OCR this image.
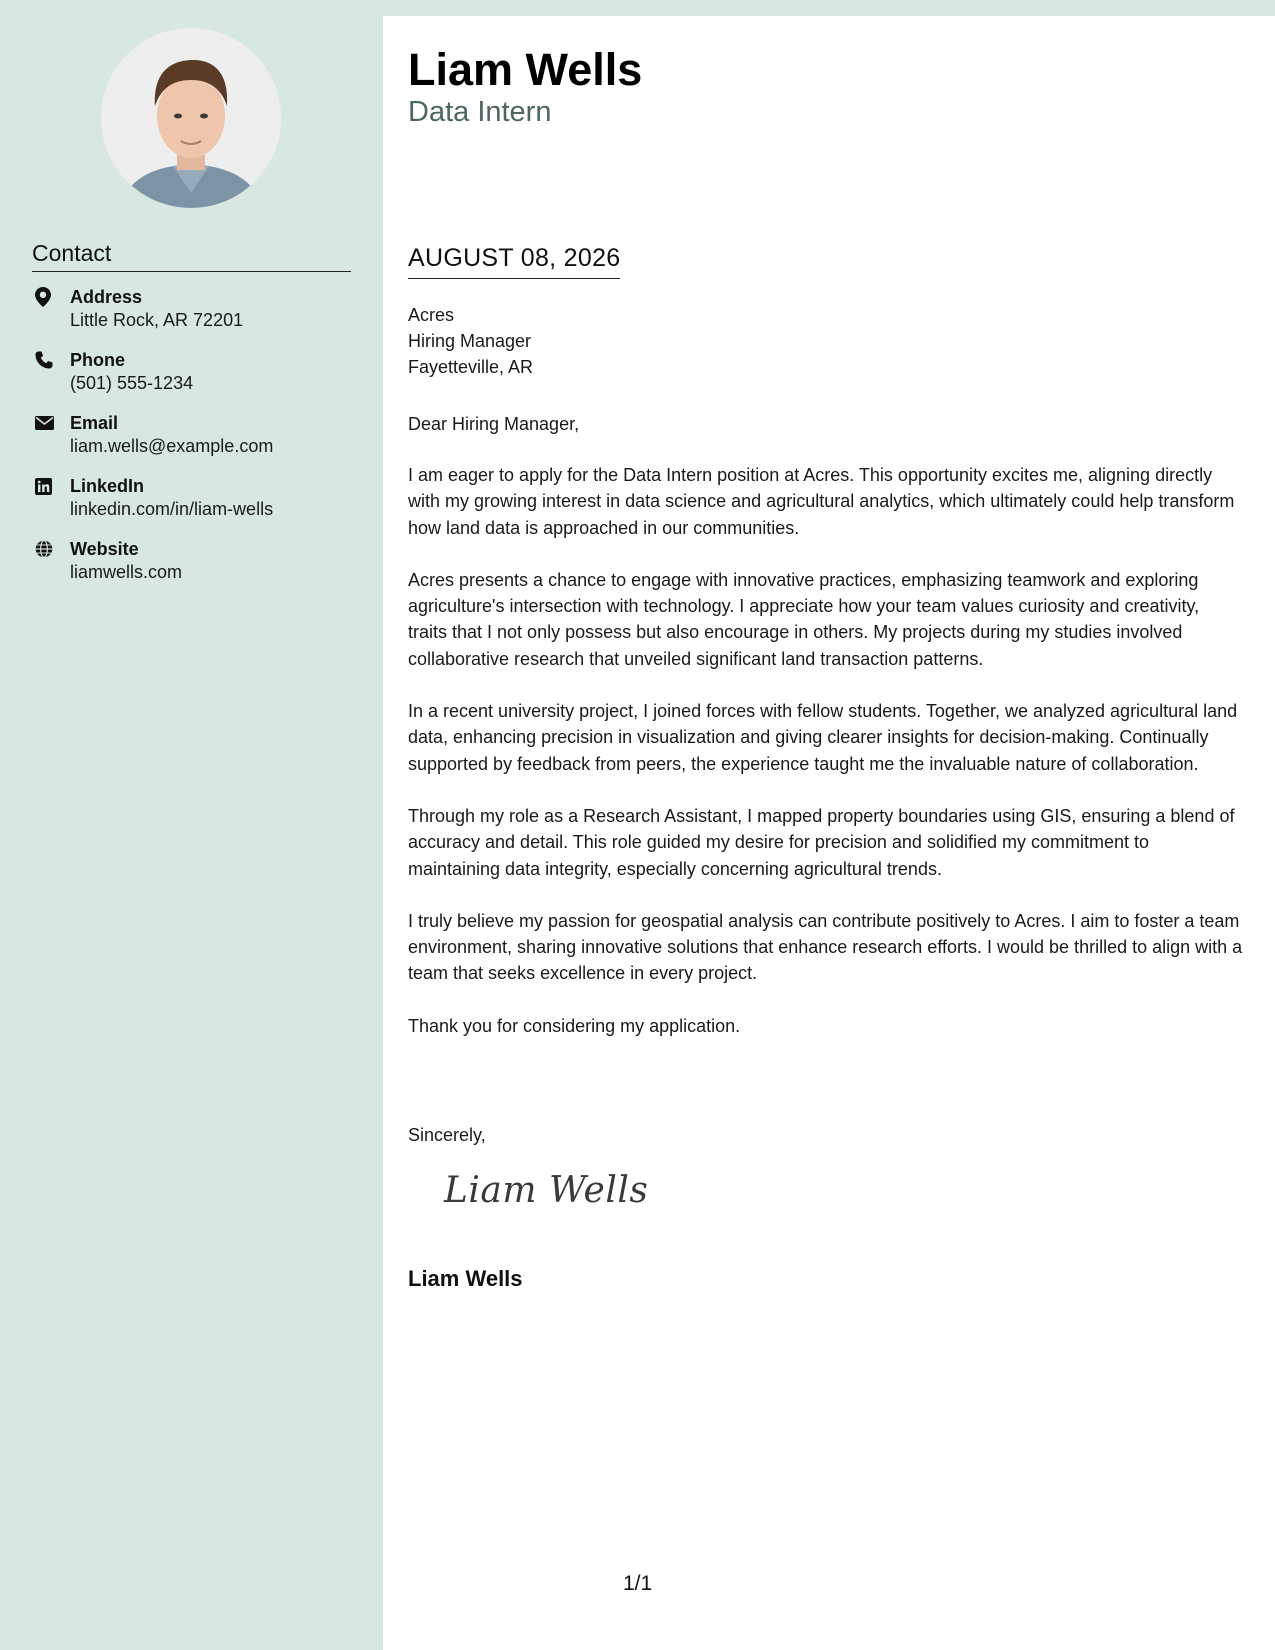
Contact
Address
Little Rock, AR 72201
Phone
(501) 555-1234
Email
liam.wells@example.com
LinkedIn
linkedin.com/in/liam-wells
Website
liamwells.com
Liam Wells
Data Intern
AUGUST 08, 2026
Acres
Hiring Manager
Fayetteville, AR
Dear Hiring Manager,

I am eager to apply for the Data Intern position at Acres. This opportunity excites me, aligning directly with my growing interest in data science and agricultural analytics, which ultimately could help transform how land data is approached in our communities.

Acres presents a chance to engage with innovative practices, emphasizing teamwork and exploring agriculture's intersection with technology. I appreciate how your team values curiosity and creativity, traits that I not only possess but also encourage in others. My projects during my studies involved collaborative research that unveiled significant land transaction patterns.

In a recent university project, I joined forces with fellow students. Together, we analyzed agricultural land data, enhancing precision in visualization and giving clearer insights for decision-making. Continually supported by feedback from peers, the experience taught me the invaluable nature of collaboration.

Through my role as a Research Assistant, I mapped property boundaries using GIS, ensuring a blend of accuracy and detail. This role guided my desire for precision and solidified my commitment to maintaining data integrity, especially concerning agricultural trends.

I truly believe my passion for geospatial analysis can contribute positively to Acres. I aim to foster a team environment, sharing innovative solutions that enhance research efforts. I would be thrilled to align with a team that seeks excellence in every project.

Thank you for considering my application.

Sincerely,
Liam Wells
Liam Wells
1/1
